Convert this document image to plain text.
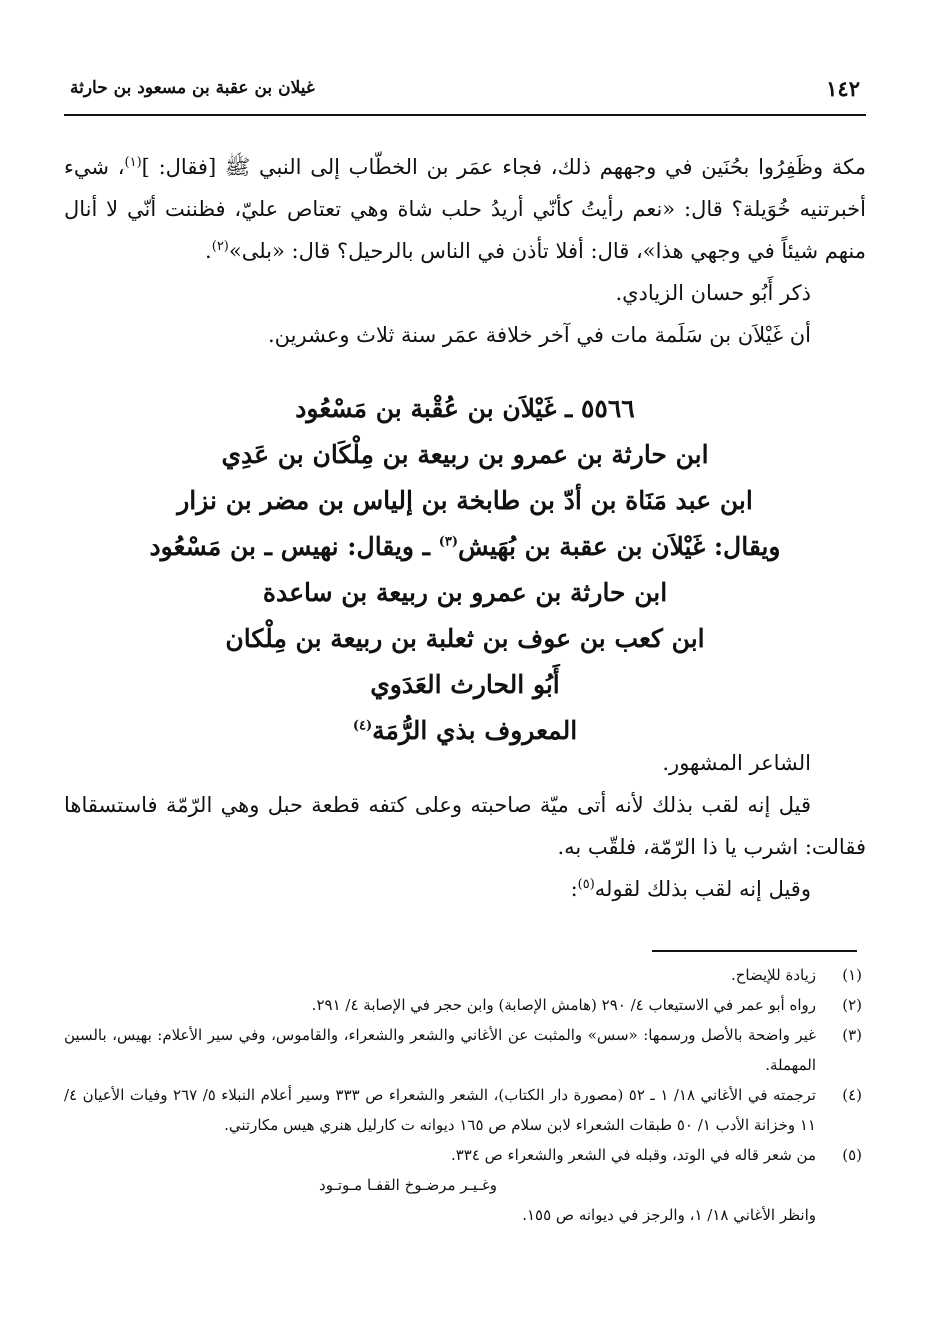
١٤٢
غيلان بن عقبة بن مسعود بن حارثة

مكة وظَفِرُوا بحُنَين في وجههم ذلك، فجاء عمَر بن الخطّاب إلى النبي ﷺ [فقال: ]$^{(١)}$، شيء أخبرتنيه خُوَيلة؟ قال: «نعم رأيتُ كأنّي أريدُ حلب شاة وهي تعتاص عليّ، فظننت أنّي لا أنال منهم شيئاً في وجهي هذا»، قال: أفلا تأذن في الناس بالرحيل؟ قال: «بلى»$^{(٢)}$.

ذكر أَبُو حسان الزيادي.

أن غَيْلاَن بن سَلَمة مات في آخر خلافة عمَر سنة ثلاث وعشرين.

٥٥٦٦ ـ غَيْلاَن بن عُقْبة بن مَسْعُود
ابن حارثة بن عمرو بن ربيعة بن مِلْكَان بن عَدِي
ابن عبد مَنَاة بن أدّ بن طابخة بن إلياس بن مضر بن نزار
ويقال: غَيْلاَن بن عقبة بن بُهَيش$^{(٣)}$ ـ ويقال: نهيس ـ بن مَسْعُود
ابن حارثة بن عمرو بن ربيعة بن ساعدة
ابن كعب بن عوف بن ثعلبة بن ربيعة بن مِلْكان
أَبُو الحارث العَدَوي
المعروف بذي الرُّمَة$^{(٤)}$

الشاعر المشهور.

قيل إنه لقب بذلك لأنه أتى ميّة صاحبته وعلى كتفه قطعة حبل وهي الرّمّة فاستسقاها فقالت: اشرب يا ذا الرّمّة، فلقّب به.

وقيل إنه لقب بذلك لقوله$^{(٥)}$:

(١)
زيادة للإيضاح.
(٢)
رواه أبو عمر في الاستيعاب ٤/ ٢٩٠ (هامش الإصابة) وابن حجر في الإصابة ٤/ ٢٩١.
(٣)
غير واضحة بالأصل ورسمها: «سس» والمثبت عن الأغاني والشعر والشعراء، والقاموس، وفي سير الأعلام: بهيس، بالسين المهملة.
(٤)
ترجمته في الأغاني ١٨/ ١ ـ ٥٢ (مصورة دار الكتاب)، الشعر والشعراء ص ٣٣٣ وسير أعلام النبلاء ٥/ ٢٦٧ وفيات الأعيان ٤/ ١١ وخزانة الأدب ١/ ٥٠ طبقات الشعراء لابن سلام ص ١٦٥ ديوانه ت كارليل هنري هيس مكارتني.
(٥)
من شعر قاله في الوتد، وقبله في الشعر والشعراء ص ٣٣٤.
وغـيـر مرضـوخ القفـا مـوتـود
وانظر الأغاني ١٨/ ١، والرجز في ديوانه ص ١٥٥.
